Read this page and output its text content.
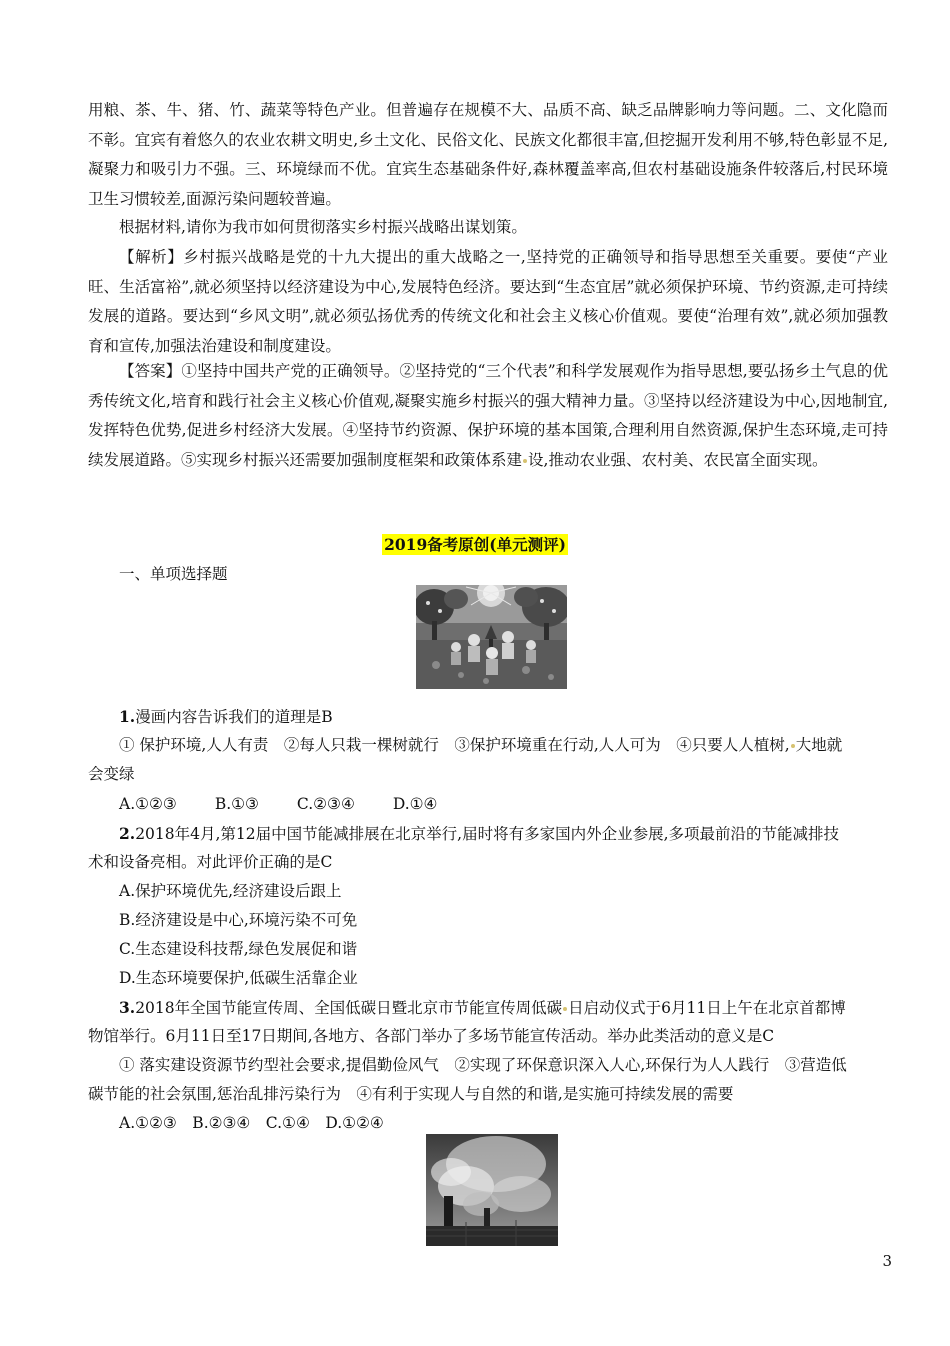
用粮、茶、牛、猪、竹、蔬菜等特色产业。但普遍存在规模不大、品质不高、缺乏品牌影响力等问题。二、文化隐而不彰。宜宾有着悠久的农业农耕文明史,乡土文化、民俗文化、民族文化都很丰富,但挖掘开发利用不够,特色彰显不足,凝聚力和吸引力不强。三、环境绿而不优。宜宾生态基础条件好,森林覆盖率高,但农村基础设施条件较落后,村民环境卫生习惯较差,面源污染问题较普遍。

根据材料,请你为我市如何贯彻落实乡村振兴战略出谋划策。

【解析】乡村振兴战略是党的十九大提出的重大战略之一,坚持党的正确领导和指导思想至关重要。要使“产业旺、生活富裕”,就必须坚持以经济建设为中心,发展特色经济。要达到“生态宜居”就必须保护环境、节约资源,走可持续发展的道路。要达到“乡风文明”,就必须弘扬优秀的传统文化和社会主义核心价值观。要使“治理有效”,就必须加强教育和宣传,加强法治建设和制度建设。

【答案】①坚持中国共产党的正确领导。②坚持党的“三个代表”和科学发展观作为指导思想,要弘扬乡土气息的优秀传统文化,培育和践行社会主义核心价值观,凝聚实施乡村振兴的强大精神力量。③坚持以经济建设为中心,因地制宜,发挥特色优势,促进乡村经济大发展。④坚持节约资源、保护环境的基本国策,合理利用自然资源,保护生态环境,走可持续发展道路。⑤实现乡村振兴还需要加强制度框架和政策体系建 设,推动农业强、农村美、农民富全面实现。

2019备考原创(单元测评)
一、单项选择题
1.漫画内容告诉我们的道理是B
① 保护环境,人人有责　②每人只栽一棵树就行　③保护环境重在行动,人人可为　④只要人人植树, 大地就
会变绿
A.①②③ B.①③ C.②③④ D.①④
2.2018年4月,第12届中国节能减排展在北京举行,届时将有多家国内外企业参展,多项最前沿的节能减排技
术和设备亮相。对此评价正确的是C
A.保护环境优先,经济建设后跟上
B.经济建设是中心,环境污染不可免
C.生态建设科技帮,绿色发展促和谐
D.生态环境要保护,低碳生活靠企业
3.2018年全国节能宣传周、全国低碳日暨北京市节能宣传周低碳 日启动仪式于6月11日上午在北京首都博
物馆举行。6月11日至17日期间,各地方、各部门举办了多场节能宣传活动。举办此类活动的意义是C
① 落实建设资源节约型社会要求,提倡勤俭风气　②实现了环保意识深入人心,环保行为人人践行　③营造低
碳节能的社会氛围,惩治乱排污染行为　④有利于实现人与自然的和谐,是实施可持续发展的需要
A.①②③　B.②③④　C.①④　D.①②④
3
